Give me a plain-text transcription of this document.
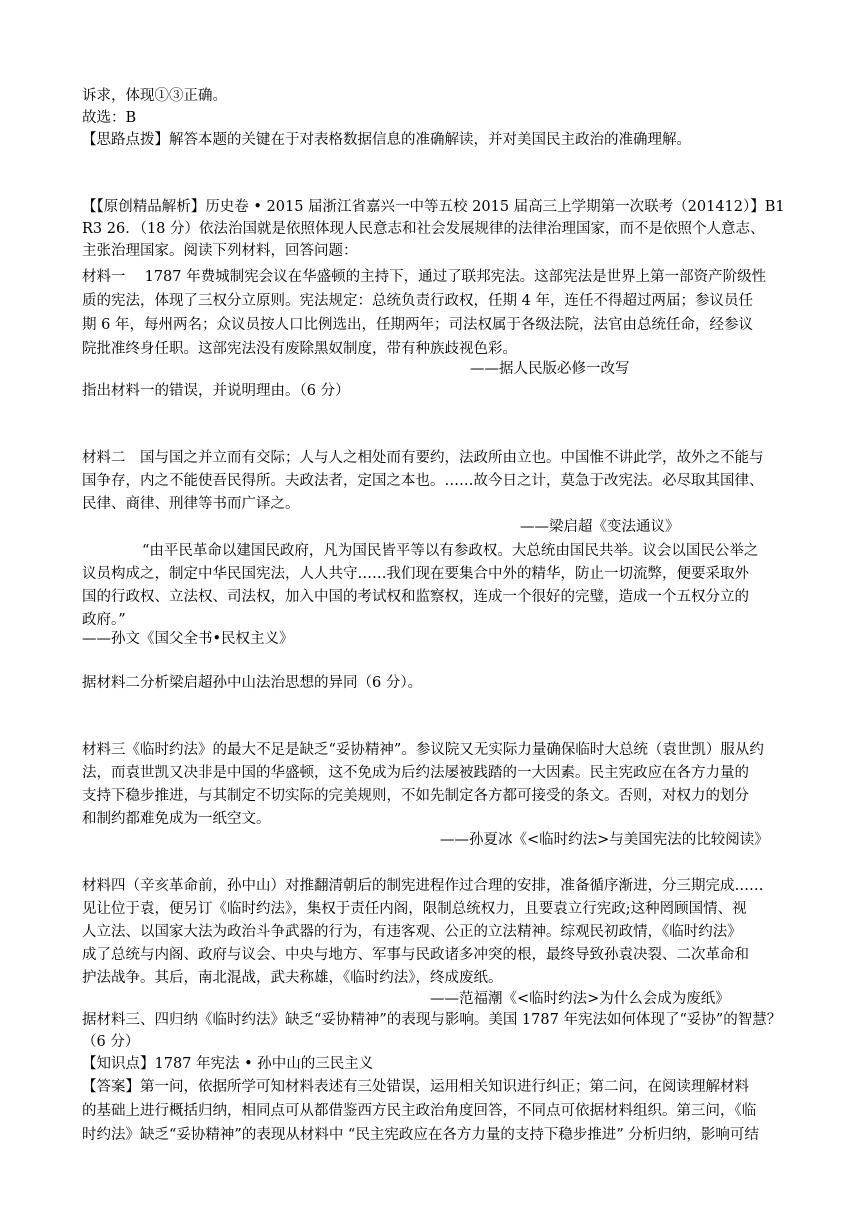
诉求，体现①③正确。
故选：B
【思路点拨】解答本题的关键在于对表格数据信息的准确解读，并对美国民主政治的准确理解。
【【原创精品解析】历史卷 • 2015 届浙江省嘉兴一中等五校 2015 届高三上学期第一次联考（201412）】B1
R3 26．（18 分）依法治国就是依照体现人民意志和社会发展规律的法律治理国家，而不是依照个人意志、
主张治理国家。阅读下列材料，回答问题：
材料一　 1787 年费城制宪会议在华盛顿的主持下，通过了联邦宪法。这部宪法是世界上第一部资产阶级性
质的宪法，体现了三权分立原则。宪法规定：总统负责行政权，任期 4 年，连任不得超过两届；参议员任
期 6 年，每州两名；众议员按人口比例选出，任期两年；司法权属于各级法院，法官由总统任命，经参议
院批准终身任职。这部宪法没有废除黑奴制度，带有种族歧视色彩。
——据人民版必修一改写
指出材料一的错误，并说明理由。（6 分）
材料二　国与国之并立而有交际；人与人之相处而有要约，法政所由立也。中国惟不讲此学，故外之不能与
国争存，内之不能使吾民得所。夫政法者，定国之本也。……故今日之计，莫急于改宪法。必尽取其国律、
民律、商律、刑律等书而广译之。
——梁启超《变法通议》
“由平民革命以建国民政府，凡为国民皆平等以有参政权。大总统由国民共举。议会以国民公举之
议员构成之，制定中华民国宪法，人人共守……我们现在要集合中外的精华，防止一切流弊，便要采取外
国的行政权、立法权、司法权，加入中国的考试权和监察权，连成一个很好的完璧，造成一个五权分立的
政府。”
——孙文《国父全书•民权主义》
据材料二分析梁启超孙中山法治思想的异同（6 分）。
材料三《临时约法》的最大不足是缺乏“妥协精神”。参议院又无实际力量确保临时大总统（袁世凯）服从约
法，而袁世凯又决非是中国的华盛顿，这不免成为后约法屡被践踏的一大因素。民主宪政应在各方力量的
支持下稳步推进，与其制定不切实际的完美规则，不如先制定各方都可接受的条文。否则，对权力的划分
和制约都难免成为一纸空文。
——孙夏冰《<临时约法>与美国宪法的比较阅读》
材料四（辛亥革命前，孙中山）对推翻清朝后的制宪进程作过合理的安排，准备循序渐进，分三期完成……
见让位于袁，便另订《临时约法》，集权于责任内阁，限制总统权力，且要袁立行宪政;这种罔顾国情、视
人立法、以国家大法为政治斗争武器的行为，有违客观、公正的立法精神。综观民初政情，《临时约法》
成了总统与内阁、政府与议会、中央与地方、军事与民政诸多冲突的根，最终导致孙袁决裂、二次革命和
护法战争。其后，南北混战，武夫称雄，《临时约法》，终成废纸。
——范福潮《<临时约法>为什么会成为废纸》
据材料三、四归纳《临时约法》缺乏“妥协精神”的表现与影响。美国 1787 年宪法如何体现了“妥协”的智慧？
（6 分）
【知识点】1787 年宪法 • 孙中山的三民主义
【答案】第一问，依据所学可知材料表述有三处错误，运用相关知识进行纠正；第二问，在阅读理解材料
的基础上进行概括归纳，相同点可从都借鉴西方民主政治角度回答，不同点可依据材料组织。第三问，《临
时约法》缺乏“妥协精神”的表现从材料中 “民主宪政应在各方力量的支持下稳步推进” 分析归纳，影响可结
